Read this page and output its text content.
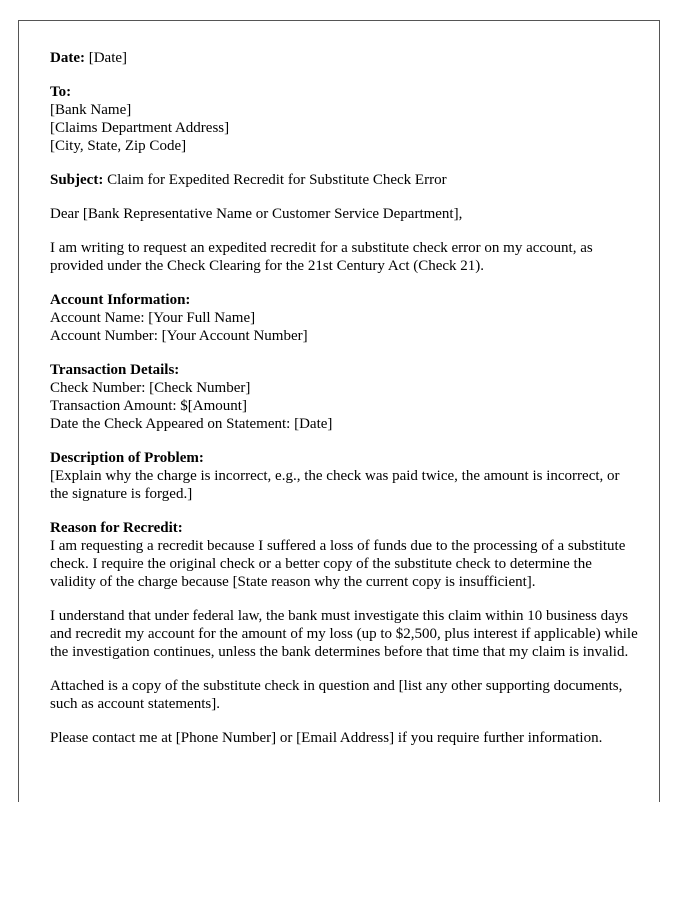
Date: [Date]
To:
[Bank Name]
[Claims Department Address]
[City, State, Zip Code]
Subject: Claim for Expedited Recredit for Substitute Check Error
Dear [Bank Representative Name or Customer Service Department],
I am writing to request an expedited recredit for a substitute check error on my account, as provided under the Check Clearing for the 21st Century Act (Check 21).
Account Information:
Account Name: [Your Full Name]
Account Number: [Your Account Number]
Transaction Details:
Check Number: [Check Number]
Transaction Amount: $[Amount]
Date the Check Appeared on Statement: [Date]
Description of Problem:
[Explain why the charge is incorrect, e.g., the check was paid twice, the amount is incorrect, or the signature is forged.]
Reason for Recredit:
I am requesting a recredit because I suffered a loss of funds due to the processing of a substitute check. I require the original check or a better copy of the substitute check to determine the validity of the charge because [State reason why the current copy is insufficient].
I understand that under federal law, the bank must investigate this claim within 10 business days and recredit my account for the amount of my loss (up to $2,500, plus interest if applicable) while the investigation continues, unless the bank determines before that time that my claim is invalid.
Attached is a copy of the substitute check in question and [list any other supporting documents, such as account statements].
Please contact me at [Phone Number] or [Email Address] if you require further information.
